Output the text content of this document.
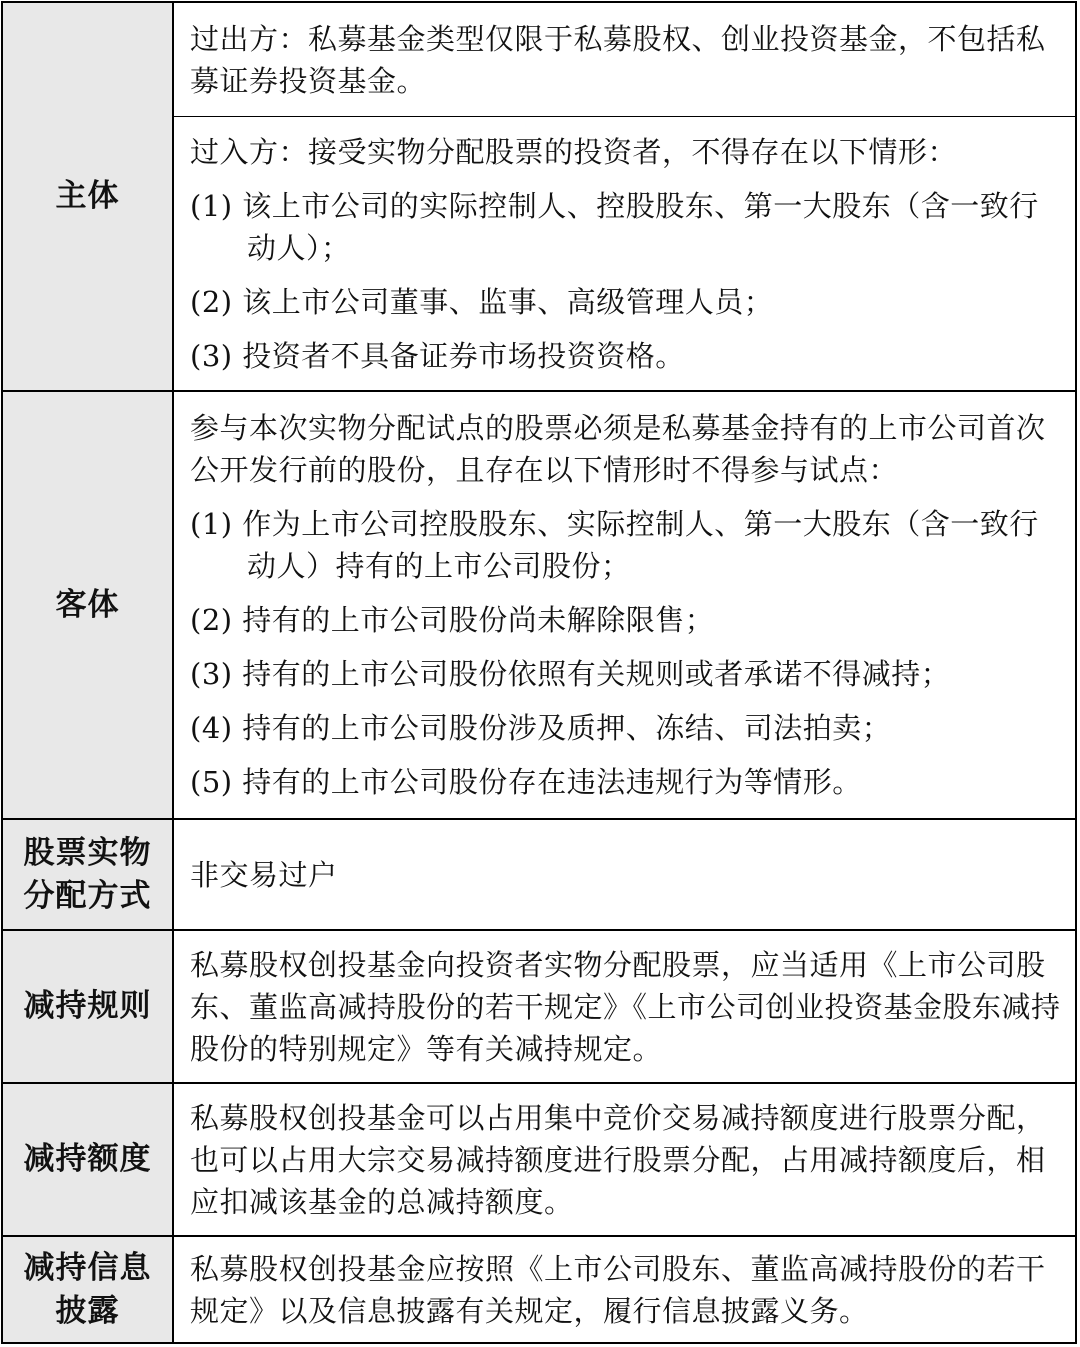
主体

过出方：私募基金类型仅限于私募股权、创业投资基金，不包括私募证券投资基金。

过入方：接受实物分配股票的投资者，不得存在以下情形：

(1) 该上市公司的实际控制人、控股股东、第一大股东（含一致行动人）；

(2) 该上市公司董事、监事、高级管理人员；

(3) 投资者不具备证券市场投资资格。

客体

参与本次实物分配试点的股票必须是私募基金持有的上市公司首次公开发行前的股份，且存在以下情形时不得参与试点：

(1) 作为上市公司控股股东、实际控制人、第一大股东（含一致行动人）持有的上市公司股份；

(2) 持有的上市公司股份尚未解除限售；

(3) 持有的上市公司股份依照有关规则或者承诺不得减持；

(4) 持有的上市公司股份涉及质押、冻结、司法拍卖；

(5) 持有的上市公司股份存在违法违规行为等情形。

股票实物分配方式

非交易过户

减持规则

私募股权创投基金向投资者实物分配股票，应当适用《上市公司股东、董监高减持股份的若干规定》《上市公司创业投资基金股东减持股份的特别规定》等有关减持规定。

减持额度

私募股权创投基金可以占用集中竞价交易减持额度进行股票分配，也可以占用大宗交易减持额度进行股票分配，占用减持额度后，相应扣减该基金的总减持额度。

减持信息披露

私募股权创投基金应按照《上市公司股东、董监高减持股份的若干规定》以及信息披露有关规定，履行信息披露义务。
